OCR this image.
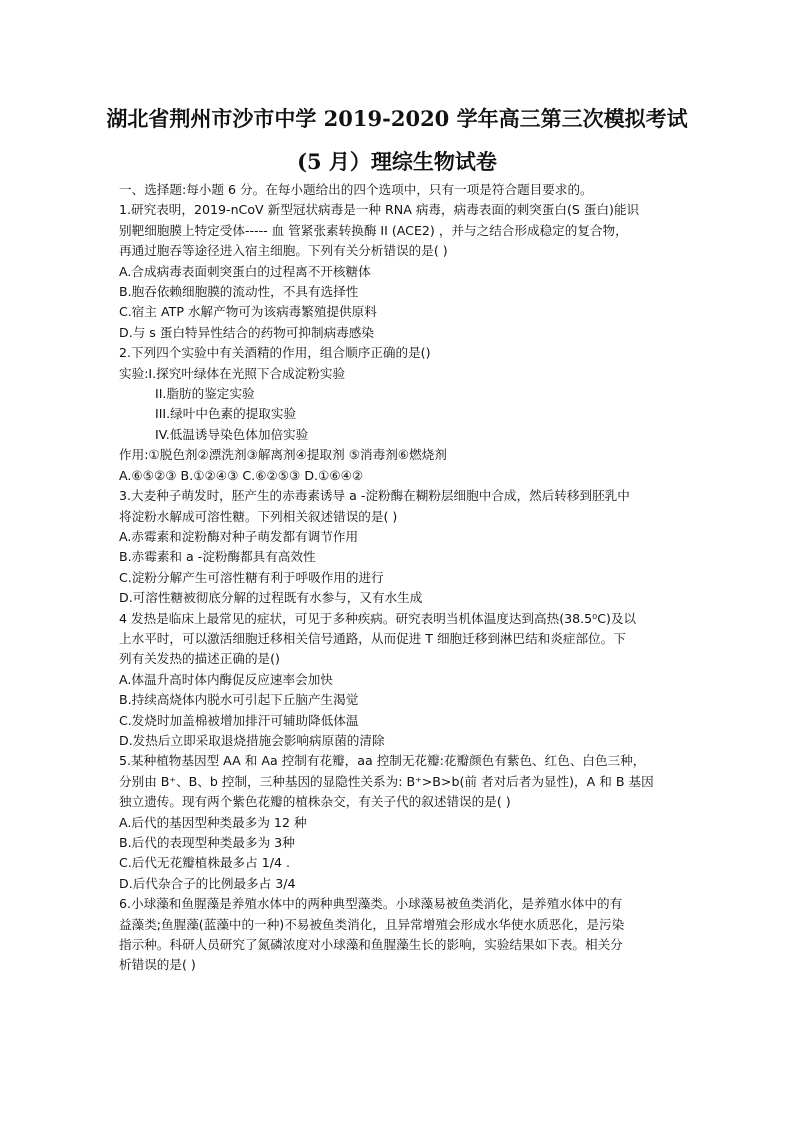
湖北省荆州市沙市中学 2019-2020 学年高三第三次模拟考试
(5 月）理综生物试卷
一、选择题:每小题 6 分。在每小题给出的四个选项中，只有一项是符合题目要求的。
1.研究表明，2019-nCoV 新型冠状病毒是一种 RNA 病毒，病毒表面的刺突蛋白(S 蛋白)能识
别靶细胞膜上特定受体----- 血 管紧张素转换酶 II (ACE2) ，并与之结合形成稳定的复合物，
再通过胞吞等途径进入宿主细胞。下列有关分析错误的是( )
A.合成病毒表面刺突蛋白的过程离不开核糖体
B.胞吞依赖细胞膜的流动性，不具有选择性
C.宿主 ATP 水解产物可为该病毒繁殖提供原料
D.与 s 蛋白特异性结合的药物可抑制病毒感染
2.下列四个实验中有关酒精的作用，组合顺序正确的是()
实验:I.探究叶绿体在光照下合成淀粉实验
II.脂肪的鉴定实验
III.绿叶中色素的提取实验
IV.低温诱导染色体加倍实验
作用:①脱色剂②漂洗剂③解离剂④提取剂 ⑤消毒剂⑥燃烧剂
A.⑥⑤②③ B.①②④③ C.⑥②⑤③ D.①⑥④②
3.大麦种子萌发时，胚产生的赤毒素诱导 a -淀粉酶在糊粉层细胞中合成，然后转移到胚乳中
将淀粉水解成可溶性糖。下列相关叙述错误的是( )
A.赤霉素和淀粉酶对种子萌发都有调节作用
B.赤霉素和 a -淀粉酶都具有高效性
C.淀粉分解产生可溶性糖有利于呼吸作用的进行
D.可溶性糖被彻底分解的过程既有水参与，又有水生成
4 发热是临床上最常见的症状，可见于多种疾病。研究表明当机体温度达到高热(38.5⁰C)及以
上水平时，可以激活细胞迁移相关信号通路，从而促进 T 细胞迁移到淋巴结和炎症部位。下
列有关发热的描述正确的是()
A.体温升高时体内酶促反应速率会加快
B.持续高烧体内脱水可引起下丘脑产生渴觉
C.发烧时加盖棉被增加排汗可辅助降低体温
D.发热后立即采取退烧措施会影响病原菌的清除
5.某种植物基因型 AA 和 Aa 控制有花瓣，aa 控制无花瓣:花瓣颜色有紫色、红色、白色三种，
分别由 B⁺、B、b 控制，三种基因的显隐性关系为: B⁺>B>b(前 者对后者为显性)，A 和 B 基因
独立遗传。现有两个紫色花瓣的植株杂交，有关子代的叙述错误的是( )
A.后代的基因型种类最多为 12 种
B.后代的表现型种类最多为 3种
C.后代无花瓣植株最多占 1/4 .
D.后代杂合子的比例最多占 3/4
6.小球藻和鱼腥藻是养殖水体中的两种典型藻类。小球藻易被鱼类消化，是养殖水体中的有
益藻类;鱼腥藻(蓝藻中的一种)不易被鱼类消化，且异常增殖会形成水华使水质恶化，是污染
指示种。科研人员研究了氮磷浓度对小球藻和鱼腥藻生长的影响，实验结果如下表。相关分
析错误的是( )
